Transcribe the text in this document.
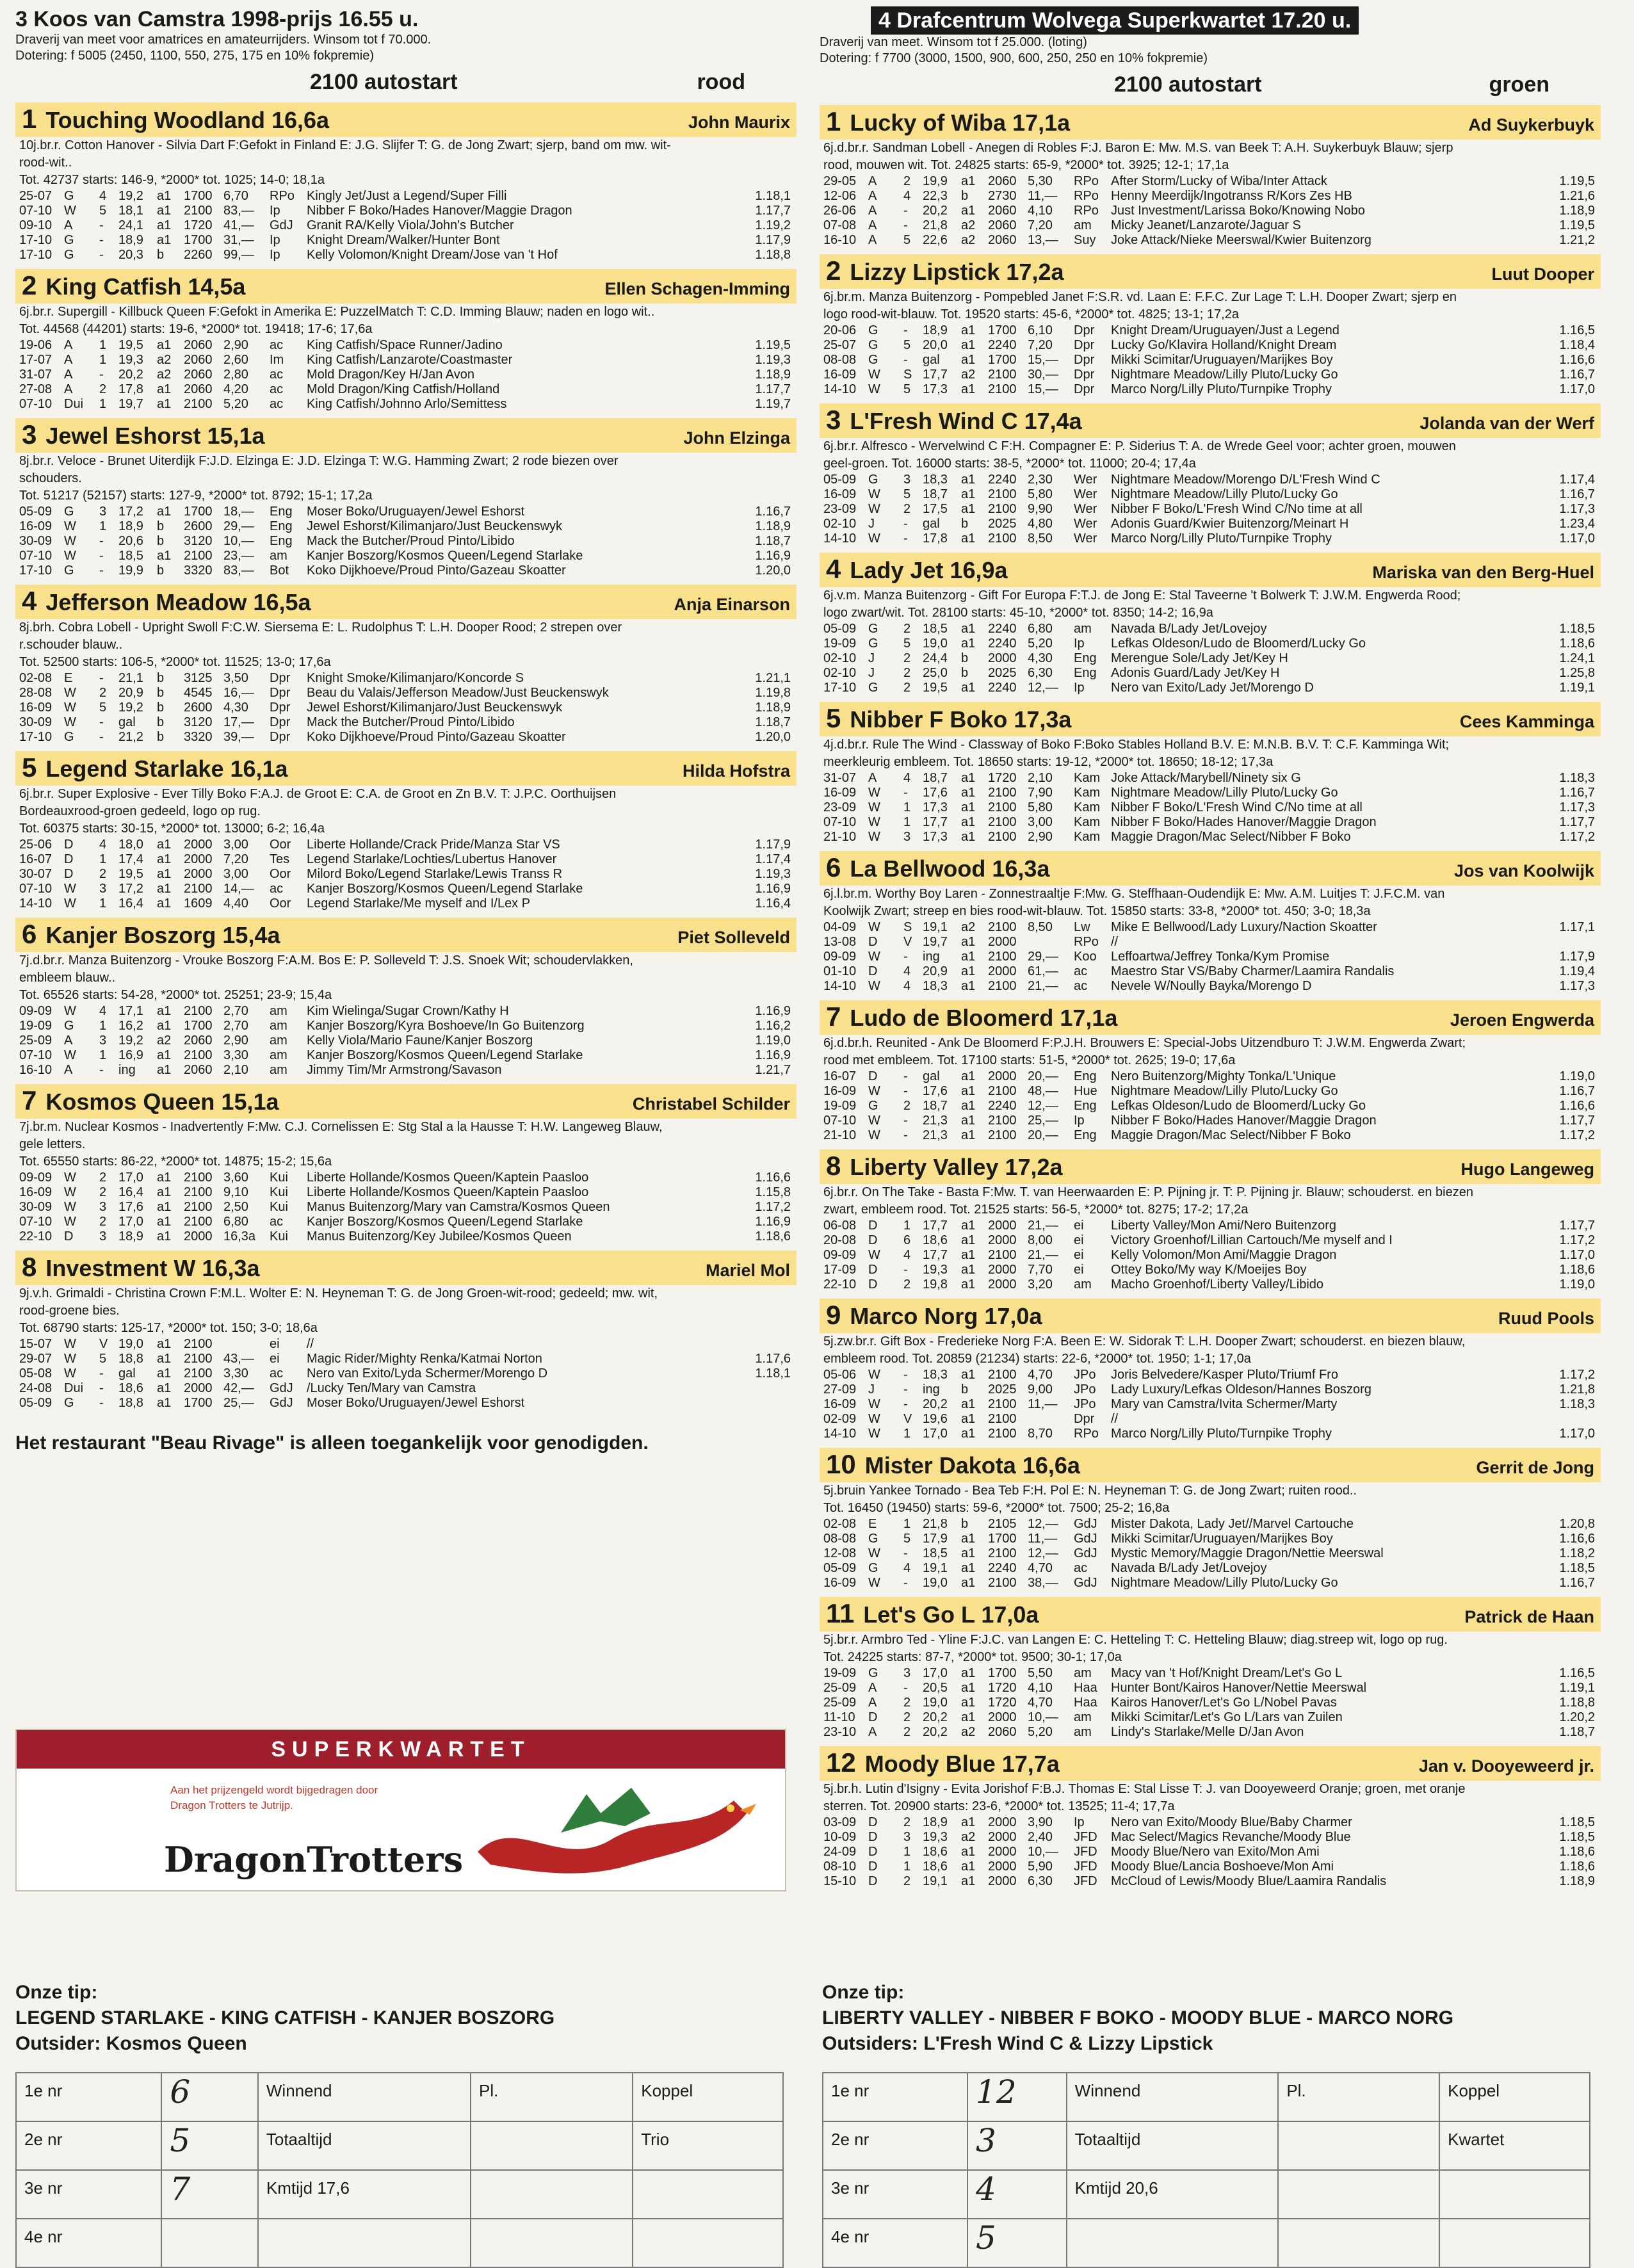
3 Koos van Camstra 1998-prijs 16.55 u.
Draverij van meet voor amatrices en amateurrijders. Winsom tot f 70.000.
Dotering: f 5005 (2450, 1100, 550, 275, 175 en 10% fokpremie)
2100 autostart	rood
1 Touching Woodland 16,6a	John Maurix
10j.br.r. Cotton Hanover - Silvia Dart F:Gefokt in Finland E: J.G. Slijfer T: G. de Jong Zwart; sjerp, band om mw. wit-
rood-wit..
Tot. 42737 starts: 146-9, *2000* tot. 1025; 14-0; 18,1a
25-07	G	4	19,2	a1	1700	6,70	RPo	Kingly Jet/Just a Legend/Super Filli	1.18,1
07-10	W	5	18,1	a1	2100	83,—	Ip	Nibber F Boko/Hades Hanover/Maggie Dragon	1.17,7
09-10	A	-	24,1	a1	1720	41,—	GdJ	Granit RA/Kelly Viola/John's Butcher	1.19,2
17-10	G	-	18,9	a1	1700	31,—	Ip	Knight Dream/Walker/Hunter Bont	1.17,9
17-10	G	-	20,3	b	2260	99,—	Ip	Kelly Volomon/Knight Dream/Jose van 't Hof	1.18,8
2 King Catfish 14,5a	Ellen Schagen-Imming
6j.br.r. Supergill - Killbuck Queen F:Gefokt in Amerika E: PuzzelMatch T: C.D. Imming Blauw; naden en logo wit..
Tot. 44568 (44201) starts: 19-6, *2000* tot. 19418; 17-6; 17,6a
19-06	A	1	19,5	a1	2060	2,90	ac	King Catfish/Space Runner/Jadino	1.19,5
17-07	A	1	19,3	a2	2060	2,60	Im	King Catfish/Lanzarote/Coastmaster	1.19,3
31-07	A	-	20,2	a2	2060	2,80	ac	Mold Dragon/Key H/Jan Avon	1.18,9
27-08	A	2	17,8	a1	2060	4,20	ac	Mold Dragon/King Catfish/Holland	1.17,7
07-10	Dui	1	19,7	a1	2100	5,20	ac	King Catfish/Johnno Arlo/Semittess	1.19,7
3 Jewel Eshorst 15,1a	John Elzinga
8j.br.r. Veloce - Brunet Uiterdijk F:J.D. Elzinga E: J.D. Elzinga T: W.G. Hamming Zwart; 2 rode biezen over
schouders.
Tot. 51217 (52157) starts: 127-9, *2000* tot. 8792; 15-1; 17,2a
05-09	G	3	17,2	a1	1700	18,—	Eng	Moser Boko/Uruguayen/Jewel Eshorst	1.16,7
16-09	W	1	18,9	b	2600	29,—	Eng	Jewel Eshorst/Kilimanjaro/Just Beuckenswyk	1.18,9
30-09	W	-	20,6	b	3120	10,—	Eng	Mack the Butcher/Proud Pinto/Libido	1.18,7
07-10	W	-	18,5	a1	2100	23,—	am	Kanjer Boszorg/Kosmos Queen/Legend Starlake	1.16,9
17-10	G	-	19,9	b	3320	83,—	Bot	Koko Dijkhoeve/Proud Pinto/Gazeau Skoatter	1.20,0
4 Jefferson Meadow 16,5a	Anja Einarson
8j.brh. Cobra Lobell - Upright Swoll F:C.W. Siersema E: L. Rudolphus T: L.H. Dooper Rood; 2 strepen over
r.schouder blauw..
Tot. 52500 starts: 106-5, *2000* tot. 11525; 13-0; 17,6a
02-08	E	-	21,1	b	3125	3,50	Dpr	Knight Smoke/Kilimanjaro/Koncorde S	1.21,1
28-08	W	2	20,9	b	4545	16,—	Dpr	Beau du Valais/Jefferson Meadow/Just Beuckenswyk	1.19,8
16-09	W	5	19,2	b	2600	4,30	Dpr	Jewel Eshorst/Kilimanjaro/Just Beuckenswyk	1.18,9
30-09	W	-	gal	b	3120	17,—	Dpr	Mack the Butcher/Proud Pinto/Libido	1.18,7
17-10	G	-	21,2	b	3320	39,—	Dpr	Koko Dijkhoeve/Proud Pinto/Gazeau Skoatter	1.20,0
5 Legend Starlake 16,1a	Hilda Hofstra
6j.br.r. Super Explosive - Ever Tilly Boko F:A.J. de Groot E: C.A. de Groot en Zn B.V. T: J.P.C. Oorthuijsen
Bordeauxrood-groen gedeeld, logo op rug.
Tot. 60375 starts: 30-15, *2000* tot. 13000; 6-2; 16,4a
25-06	D	4	18,0	a1	2000	3,00	Oor	Liberte Hollande/Crack Pride/Manza Star VS	1.17,9
16-07	D	1	17,4	a1	2000	7,20	Tes	Legend Starlake/Lochties/Lubertus Hanover	1.17,4
30-07	D	2	19,5	a1	2000	3,00	Oor	Milord Boko/Legend Starlake/Lewis Transs R	1.19,3
07-10	W	3	17,2	a1	2100	14,—	ac	Kanjer Boszorg/Kosmos Queen/Legend Starlake	1.16,9
14-10	W	1	16,4	a1	1609	4,40	Oor	Legend Starlake/Me myself and I/Lex P	1.16,4
6 Kanjer Boszorg 15,4a	Piet Solleveld
7j.d.br.r. Manza Buitenzorg - Vrouke Boszorg F:A.M. Bos E: P. Solleveld T: J.S. Snoek Wit; schoudervlakken,
embleem blauw..
Tot. 65526 starts: 54-28, *2000* tot. 25251; 23-9; 15,4a
09-09	W	4	17,1	a1	2100	2,70	am	Kim Wielinga/Sugar Crown/Kathy H	1.16,9
19-09	G	1	16,2	a1	1700	2,70	am	Kanjer Boszorg/Kyra Boshoeve/In Go Buitenzorg	1.16,2
25-09	A	3	19,2	a2	2060	2,90	am	Kelly Viola/Mario Faune/Kanjer Boszorg	1.19,0
07-10	W	1	16,9	a1	2100	3,30	am	Kanjer Boszorg/Kosmos Queen/Legend Starlake	1.16,9
16-10	A	-	ing	a1	2060	2,10	am	Jimmy Tim/Mr Armstrong/Savason	1.21,7
7 Kosmos Queen 15,1a	Christabel Schilder
7j.br.m. Nuclear Kosmos - Inadvertently F:Mw. C.J. Cornelissen E: Stg Stal a la Hausse T: H.W. Langeweg Blauw,
gele letters.
Tot. 65550 starts: 86-22, *2000* tot. 14875; 15-2; 15,6a
09-09	W	2	17,0	a1	2100	3,60	Kui	Liberte Hollande/Kosmos Queen/Kaptein Paasloo	1.16,6
16-09	W	2	16,4	a1	2100	9,10	Kui	Liberte Hollande/Kosmos Queen/Kaptein Paasloo	1.15,8
30-09	W	3	17,6	a1	2100	2,50	Kui	Manus Buitenzorg/Mary van Camstra/Kosmos Queen	1.17,2
07-10	W	2	17,0	a1	2100	6,80	ac	Kanjer Boszorg/Kosmos Queen/Legend Starlake	1.16,9
22-10	D	3	18,9	a1	2000	16,3a	Kui	Manus Buitenzorg/Key Jubilee/Kosmos Queen	1.18,6
8 Investment W 16,3a	Mariel Mol
9j.v.h. Grimaldi - Christina Crown F:M.L. Wolter E: N. Heyneman T: G. de Jong Groen-wit-rood; gedeeld; mw. wit,
rood-groene bies.
Tot. 68790 starts: 125-17, *2000* tot. 150; 3-0; 18,6a
15-07	W	V	19,0	a1	2100		ei	//	
29-07	W	5	18,8	a1	2100	43,—	ei	Magic Rider/Mighty Renka/Katmai Norton	1.17,6
05-08	W	-	gal	a1	2100	3,30	ac	Nero van Exito/Lyda Schermer/Morengo D	1.18,1
24-08	Dui	-	18,6	a1	2000	42,—	GdJ	/Lucky Ten/Mary van Camstra	
05-09	G	-	18,8	a1	1700	25,—	GdJ	Moser Boko/Uruguayen/Jewel Eshorst	
Het restaurant "Beau Rivage" is alleen toegankelijk voor genodigden.
4 Drafcentrum Wolvega Superkwartet 17.20 u.
Draverij van meet. Winsom tot f 25.000. (loting)
Dotering: f 7700 (3000, 1500, 900, 600, 250, 250 en 10% fokpremie)
2100 autostart	groen
1 Lucky of Wiba 17,1a	Ad Suykerbuyk
6j.d.br.r. Sandman Lobell - Anegen di Robles F:J. Baron E: Mw. M.S. van Beek T: A.H. Suykerbuyk Blauw; sjerp
rood, mouwen wit. Tot. 24825 starts: 65-9, *2000* tot. 3925; 12-1; 17,1a
29-05	A	2	19,9	a1	2060	5,30	RPo	After Storm/Lucky of Wiba/Inter Attack	1.19,5
12-06	A	4	22,3	b	2730	11,—	RPo	Henny Meerdijk/Ingotranss R/Kors Zes HB	1.21,6
26-06	A	-	20,2	a1	2060	4,10	RPo	Just Investment/Larissa Boko/Knowing Nobo	1.18,9
07-08	A	-	21,8	a2	2060	7,20	am	Micky Jeanet/Lanzarote/Jaguar S	1.19,5
16-10	A	5	22,6	a2	2060	13,—	Suy	Joke Attack/Nieke Meerswal/Kwier Buitenzorg	1.21,2
2 Lizzy Lipstick 17,2a	Luut Dooper
6j.br.m. Manza Buitenzorg - Pompebled Janet F:S.R. vd. Laan E: F.F.C. Zur Lage T: L.H. Dooper Zwart; sjerp en
logo rood-wit-blauw. Tot. 19520 starts: 45-6, *2000* tot. 4825; 13-1; 17,2a
20-06	G	-	18,9	a1	1700	6,10	Dpr	Knight Dream/Uruguayen/Just a Legend	1.16,5
25-07	G	5	20,0	a1	2240	7,20	Dpr	Lucky Go/Klavira Holland/Knight Dream	1.18,4
08-08	G	-	gal	a1	1700	15,—	Dpr	Mikki Scimitar/Uruguayen/Marijkes Boy	1.16,6
16-09	W	S	17,7	a2	2100	30,—	Dpr	Nightmare Meadow/Lilly Pluto/Lucky Go	1.16,7
14-10	W	5	17,3	a1	2100	15,—	Dpr	Marco Norg/Lilly Pluto/Turnpike Trophy	1.17,0
3 L'Fresh Wind C 17,4a	Jolanda van der Werf
6j.br.r. Alfresco - Wervelwind C F:H. Compagner E: P. Siderius T: A. de Wrede Geel voor; achter groen, mouwen
geel-groen. Tot. 16000 starts: 38-5, *2000* tot. 11000; 20-4; 17,4a
05-09	G	3	18,3	a1	2240	2,30	Wer	Nightmare Meadow/Morengo D/L'Fresh Wind C	1.17,4
16-09	W	5	18,7	a1	2100	5,80	Wer	Nightmare Meadow/Lilly Pluto/Lucky Go	1.16,7
23-09	W	2	17,5	a1	2100	9,90	Wer	Nibber F Boko/L'Fresh Wind C/No time at all	1.17,3
02-10	J	-	gal	b	2025	4,80	Wer	Adonis Guard/Kwier Buitenzorg/Meinart H	1.23,4
14-10	W	-	17,8	a1	2100	8,50	Wer	Marco Norg/Lilly Pluto/Turnpike Trophy	1.17,0
4 Lady Jet 16,9a	Mariska van den Berg-Huel
6j.v.m. Manza Buitenzorg - Gift For Europa F:T.J. de Jong E: Stal Taveerne 't Bolwerk T: J.W.M. Engwerda Rood;
logo zwart/wit. Tot. 28100 starts: 45-10, *2000* tot. 8350; 14-2; 16,9a
05-09	G	2	18,5	a1	2240	6,80	am	Navada B/Lady Jet/Lovejoy	1.18,5
19-09	G	5	19,0	a1	2240	5,20	Ip	Lefkas Oldeson/Ludo de Bloomerd/Lucky Go	1.18,6
02-10	J	2	24,4	b	2000	4,30	Eng	Merengue Sole/Lady Jet/Key H	1.24,1
02-10	J	2	25,0	b	2025	6,30	Eng	Adonis Guard/Lady Jet/Key H	1.25,8
17-10	G	2	19,5	a1	2240	12,—	Ip	Nero van Exito/Lady Jet/Morengo D	1.19,1
5 Nibber F Boko 17,3a	Cees Kamminga
4j.d.br.r. Rule The Wind - Classway of Boko F:Boko Stables Holland B.V. E: M.N.B. B.V. T: C.F. Kamminga Wit;
meerkleurig embleem. Tot. 18650 starts: 19-12, *2000* tot. 18650; 18-12; 17,3a
31-07	A	4	18,7	a1	1720	2,10	Kam	Joke Attack/Marybell/Ninety six G	1.18,3
16-09	W	-	17,6	a1	2100	7,90	Kam	Nightmare Meadow/Lilly Pluto/Lucky Go	1.16,7
23-09	W	1	17,3	a1	2100	5,80	Kam	Nibber F Boko/L'Fresh Wind C/No time at all	1.17,3
07-10	W	1	17,7	a1	2100	3,00	Kam	Nibber F Boko/Hades Hanover/Maggie Dragon	1.17,7
21-10	W	3	17,3	a1	2100	2,90	Kam	Maggie Dragon/Mac Select/Nibber F Boko	1.17,2
6 La Bellwood 16,3a	Jos van Koolwijk
6j.l.br.m. Worthy Boy Laren - Zonnestraaltje F:Mw. G. Steffhaan-Oudendijk E: Mw. A.M. Luitjes T: J.F.C.M. van
Koolwijk Zwart; streep en bies rood-wit-blauw. Tot. 15850 starts: 33-8, *2000* tot. 450; 3-0; 18,3a
04-09	W	S	19,1	a2	2100	8,50	Lw	Mike E Bellwood/Lady Luxury/Naction Skoatter	1.17,1
13-08	D	V	19,7	a1	2000		RPo	//	
09-09	W	-	ing	a1	2100	29,—	Koo	Leffoartwa/Jeffrey Tonka/Kym Promise	1.17,9
01-10	D	4	20,9	a1	2000	61,—	ac	Maestro Star VS/Baby Charmer/Laamira Randalis	1.19,4
14-10	W	4	18,3	a1	2100	21,—	ac	Nevele W/Noully Bayka/Morengo D	1.17,3
7 Ludo de Bloomerd 17,1a	Jeroen Engwerda
6j.d.br.h. Reunited - Ank De Bloomerd F:P.J.H. Brouwers E: Special-Jobs Uitzendburo T: J.W.M. Engwerda Zwart;
rood met embleem. Tot. 17100 starts: 51-5, *2000* tot. 2625; 19-0; 17,6a
16-07	D	-	gal	a1	2000	20,—	Eng	Nero Buitenzorg/Mighty Tonka/L'Unique	1.19,0
16-09	W	-	17,6	a1	2100	48,—	Hue	Nightmare Meadow/Lilly Pluto/Lucky Go	1.16,7
19-09	G	2	18,7	a1	2240	12,—	Eng	Lefkas Oldeson/Ludo de Bloomerd/Lucky Go	1.16,6
07-10	W	-	21,3	a1	2100	25,—	Ip	Nibber F Boko/Hades Hanover/Maggie Dragon	1.17,7
21-10	W	-	21,3	a1	2100	20,—	Eng	Maggie Dragon/Mac Select/Nibber F Boko	1.17,2
8 Liberty Valley 17,2a	Hugo Langeweg
6j.br.r. On The Take - Basta F:Mw. T. van Heerwaarden E: P. Pijning jr. T: P. Pijning jr. Blauw; schouderst. en biezen
zwart, embleem rood. Tot. 21525 starts: 56-5, *2000* tot. 8275; 17-2; 17,2a
06-08	D	1	17,7	a1	2000	21,—	ei	Liberty Valley/Mon Ami/Nero Buitenzorg	1.17,7
20-08	D	6	18,6	a1	2000	8,00	ei	Victory Groenhof/Lillian Cartouch/Me myself and I	1.17,2
09-09	W	4	17,7	a1	2100	21,—	ei	Kelly Volomon/Mon Ami/Maggie Dragon	1.17,0
17-09	D	-	19,3	a1	2000	7,70	ei	Ottey Boko/My way K/Moeijes Boy	1.18,6
22-10	D	2	19,8	a1	2000	3,20	am	Macho Groenhof/Liberty Valley/Libido	1.19,0
9 Marco Norg 17,0a	Ruud Pools
5j.zw.br.r. Gift Box - Frederieke Norg F:A. Been E: W. Sidorak T: L.H. Dooper Zwart; schouderst. en biezen blauw,
embleem rood. Tot. 20859 (21234) starts: 22-6, *2000* tot. 1950; 1-1; 17,0a
05-06	W	-	18,3	a1	2100	4,70	JPo	Joris Belvedere/Kasper Pluto/Triumf Fro	1.17,2
27-09	J	-	ing	b	2025	9,00	JPo	Lady Luxury/Lefkas Oldeson/Hannes Boszorg	1.21,8
16-09	W	-	20,2	a1	2100	11,—	JPo	Mary van Camstra/Ivita Schermer/Marty	1.18,3
02-09	W	V	19,6	a1	2100		Dpr	//	
14-10	W	1	17,0	a1	2100	8,70	RPo	Marco Norg/Lilly Pluto/Turnpike Trophy	1.17,0
10 Mister Dakota 16,6a	Gerrit de Jong
5j.bruin Yankee Tornado - Bea Teb F:H. Pol E: N. Heyneman T: G. de Jong Zwart; ruiten rood..
Tot. 16450 (19450) starts: 59-6, *2000* tot. 7500; 25-2; 16,8a
02-08	E	1	21,8	b	2105	12,—	GdJ	Mister Dakota, Lady Jet//Marvel Cartouche	1.20,8
08-08	G	5	17,9	a1	1700	11,—	GdJ	Mikki Scimitar/Uruguayen/Marijkes Boy	1.16,6
12-08	W	-	18,5	a1	2100	12,—	GdJ	Mystic Memory/Maggie Dragon/Nettie Meerswal	1.18,2
05-09	G	4	19,1	a1	2240	4,70	ac	Navada B/Lady Jet/Lovejoy	1.18,5
16-09	W	-	19,0	a1	2100	38,—	GdJ	Nightmare Meadow/Lilly Pluto/Lucky Go	1.16,7
11 Let's Go L 17,0a	Patrick de Haan
5j.br.r. Armbro Ted - Yline F:J.C. van Langen E: C. Hetteling T: C. Hetteling Blauw; diag.streep wit, logo op rug.
Tot. 24225 starts: 87-7, *2000* tot. 9500; 30-1; 17,0a
19-09	G	3	17,0	a1	1700	5,50	am	Macy van 't Hof/Knight Dream/Let's Go L	1.16,5
25-09	A	-	20,5	a1	1720	4,10	Haa	Hunter Bont/Kairos Hanover/Nettie Meerswal	1.19,1
25-09	A	2	19,0	a1	1720	4,70	Haa	Kairos Hanover/Let's Go L/Nobel Pavas	1.18,8
11-10	D	2	20,2	a1	2000	10,—	am	Mikki Scimitar/Let's Go L/Lars van Zuilen	1.20,2
23-10	A	2	20,2	a2	2060	5,20	am	Lindy's Starlake/Melle D/Jan Avon	1.18,7
12 Moody Blue 17,7a	Jan v. Dooyeweerd jr.
5j.br.h. Lutin d'Isigny - Evita Jorishof F:B.J. Thomas E: Stal Lisse T: J. van Dooyeweerd Oranje; groen, met oranje
sterren. Tot. 20900 starts: 23-6, *2000* tot. 13525; 11-4; 17,7a
03-09	D	2	18,9	a1	2000	3,90	Ip	Nero van Exito/Moody Blue/Baby Charmer	1.18,5
10-09	D	3	19,3	a2	2000	2,40	JFD	Mac Select/Magics Revanche/Moody Blue	1.18,5
24-09	D	1	18,6	a1	2000	10,—	JFD	Moody Blue/Nero van Exito/Mon Ami	1.18,6
08-10	D	1	18,6	a1	2000	5,90	JFD	Moody Blue/Lancia Boshoeve/Mon Ami	1.18,6
15-10	D	2	19,1	a1	2000	6,30	JFD	McCloud of Lewis/Moody Blue/Laamira Randalis	1.18,9
SUPERKWARTET
Aan het prijzengeld wordt bijgedragen door
Dragon Trotters te Jutrijp.
DragonTrotters
Onze tip:
LEGEND STARLAKE - KING CATFISH - KANJER BOSZORG
Outsider: Kosmos Queen
Onze tip:
LIBERTY VALLEY - NIBBER F BOKO - MOODY BLUE - MARCO NORG
Outsiders: L'Fresh Wind C & Lizzy Lipstick
1e nr	6	Winnend	Pl.	Koppel
2e nr	5	Totaaltijd		Trio
3e nr	7	Kmtijd 17,6		
4e nr				
1e nr	12	Winnend	Pl.	Koppel
2e nr	3	Totaaltijd		Kwartet
3e nr	4	Kmtijd 20,6		
4e nr	5			
